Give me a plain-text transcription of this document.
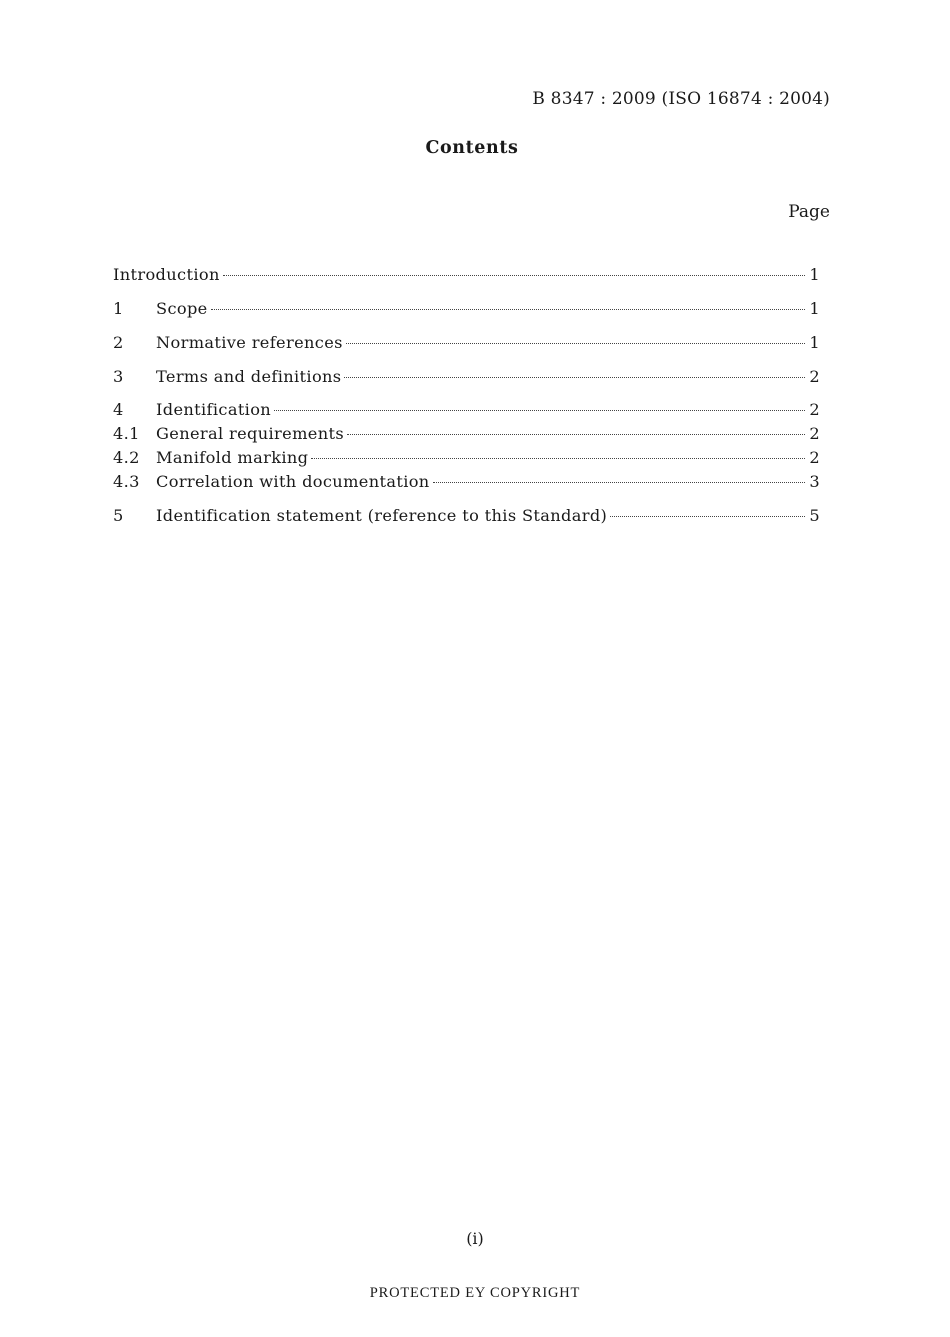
B 8347 : 2009 (ISO 16874 : 2004)
Contents
Page
Introduction	1
1	Scope	1
2	Normative references	1
3	Terms and definitions	2
4	Identification	2
4.1	General requirements	2
4.2	Manifold marking	2
4.3	Correlation with documentation	3
5	Identification statement (reference to this Standard)	5
(i)
PROTECTED EY COPYRIGHT
